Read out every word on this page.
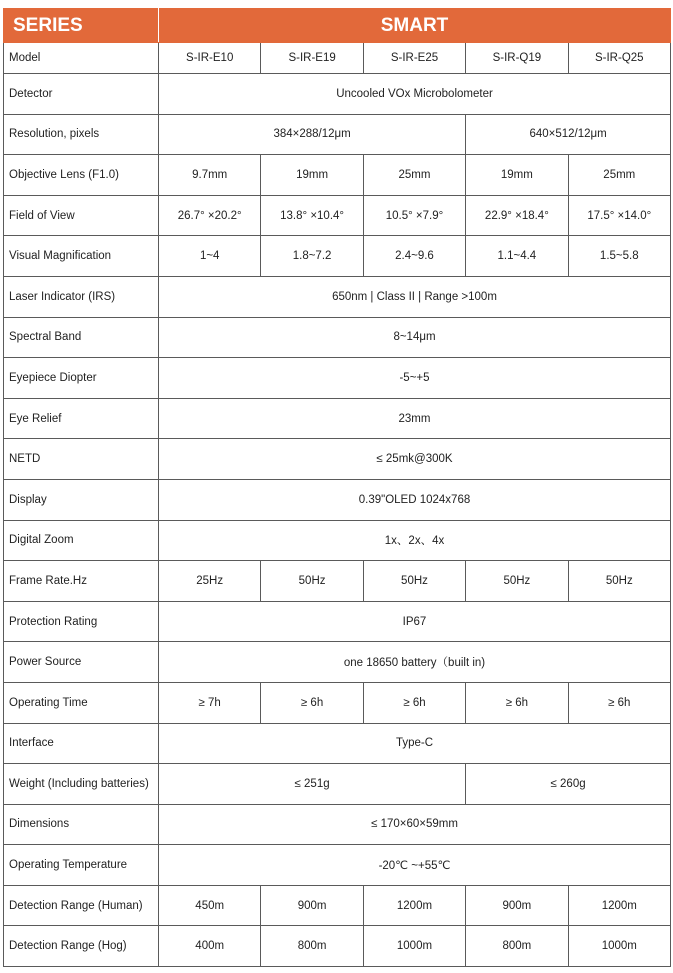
SERIES	SMART				
Model	S-IR-E10	S-IR-E19	S-IR-E25	S-IR-Q19	S-IR-Q25
Detector	Uncooled VOx Microbolometer				
Resolution, pixels	384×288/12μm			640×512/12μm	
Objective Lens (F1.0)	9.7mm	19mm	25mm	19mm	25mm
Field of View	26.7° ×20.2°	13.8° ×10.4°	10.5° ×7.9°	22.9° ×18.4°	17.5° ×14.0°
Visual Magnification	1~4	1.8~7.2	2.4~9.6	1.1~4.4	1.5~5.8
Laser Indicator (IRS)	650nm | Class II | Range >100m				
Spectral Band	8~14μm				
Eyepiece Diopter	-5~+5				
Eye Relief	23mm				
NETD	≤ 25mk@300K				
Display	0.39"OLED 1024x768				
Digital Zoom	1x、2x、4x				
Frame Rate.Hz	25Hz	50Hz	50Hz	50Hz	50Hz
Protection Rating	IP67				
Power Source	one 18650 battery（built in)				
Operating Time	≥ 7h	≥ 6h	≥ 6h	≥ 6h	≥ 6h
Interface	Type-C				
Weight (Including batteries)	≤ 251g			≤ 260g	
Dimensions	≤ 170×60×59mm				
Operating Temperature	-20℃ ~+55℃				
Detection Range (Human)	450m	900m	1200m	900m	1200m
Detection Range (Hog)	400m	800m	1000m	800m	1000m
